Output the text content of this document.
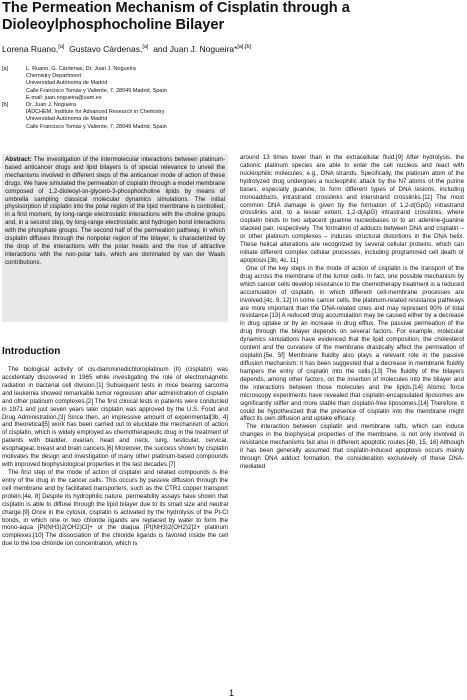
The Permeation Mechanism of Cisplatin through a Dioleoylphosphocholine Bilayer
Lorena Ruano,[a] Gustavo Cárdenas,[a] and Juan J. Nogueira*[a],[b]
[a]	L. Ruano, G. Cárdenas, Dr. Juan J. Nogueira
Chemistry Department
Universidad Autónoma de Madrid
Calle Francisco Tomás y Valiente, 7, 28049 Madrid, Spain
E-mail: juan.nogueira@uam.es
[b]	Dr. Juan J. Nogueira
IADCHEM, Institute for Advanced Research in Chemistry
Universidad Autónoma de Madrid
Calle Francisco Tomás y Valiente, 7, 28049 Madrid, Spain
Abstract: The investigation of the intermolecular interactions between platinum-based anticancer drugs and lipid bilayers is of special relevance to unveil the mechanisms involved in different steps of the anticancer mode of action of these drugs. We have simulated the permeation of cisplatin through a model membrane composed of 1,2-dioleoyl-sn-glycero-3-phosphocholine lipids by means of umbrella sampling classical molecular dynamics simulations. The initial physisorption of cisplatin into the polar region of the lipid membrane is controlled, in a first moment, by long-range electrostatic interactions with the choline groups and, in a second step, by long-range electrostatic and hydrogen bond interactions with the phosphate groups. The second half of the permeation pathway, in which cisplatin diffuses through the nonpolar region of the bilayer, is characterized by the drop of the interactions with the polar heads and the rise of attractive interactions with the non-polar tails, which are dominated by van der Waals contributions.
Introduction

The biological activity of cis-diamminedichloroplatinum (II) (cisplatin) was accidentally discovered in 1965 while investigating the role of electromagnetic radiation in bacterial cell division.[1] Subsequent tests in mice bearing sarcoma and leukemia showed remarkable tumor regression after administration of cisplatin and other platinum complexes.[2] The first clinical tests in patients were conducted in 1971 and just seven years later cisplatin was approved by the U.S. Food and Drug Administration.[3] Since then, an impressive amount of experimental[3b, 4] and theoretical[5] work has been carried out to elucidate the mechanism of action of cisplatin, which is widely employed as chemotherapeutic drug in the treatment of patients with bladder, ovarian, head and neck, lung, testicular, cervical, esophageal, breast and brain cancers.[6] Moreover, the success shown by cisplatin motivates the design and investigation of many other platinum-based compounds with improved biophysiological properties in the last decades.[7]

The first step of the mode of action of cisplatin and related compounds is the entry of the drug in the cancer cells. This occurs by passive diffusion through the cell membrane and by facilitated transporters, such as the CTR1 copper transport protein.[4e, 8] Despite its hydrophilic nature, permeability assays have shown that cisplatin is able to diffuse through the lipid bilayer due to its small size and neutral charge.[9] Once in the cytosol, cisplatin is activated by the hydrolysis of the Pt-Cl bonds, in which one or two chloride ligands are replaced by water to form the mono-aqua [Pt(NH3)2(OH2)Cl]+ or the diaqua [Pt(NH3)2(OH2)2]2+ platinum complexes.[10] The dissociation of the chloride ligands is favored inside the cell due to the low chloride ion concentration, which is

around 13 times lower than in the extracellular fluid.[9] After hydrolysis, the cationic platinum species are able to enter the cell nucleus and react with nucleophilic molecules, e.g., DNA strands. Specifically, the platinum atom of the hydrolyzed drug undergoes a nucleophilic attack by the N7 atoms of the purine bases, especially guanine, to form different types of DNA lesions, including monoadducts, intrastrand crosslinks and interstrand crosslinks.[11] The most common DNA damage is given by the formation of 1,2-d(GpG) intrastrand crosslinks and, to a lesser extent, 1,2-d(ApG) intrastrand crosslinks, where cisplatin binds to two adjacent guanine nucleobases or to an adenine-guanine stacked pair, respectively. The formation of adducts between DNA and cisplatin – or other platinum complexes – induces structural distortions in the DNA helix. These helical alterations are recognized by several cellular proteins, which can initiate different complex cellular processes, including programmed cell death or apoptosis.[3b, 4c, 11]

One of the key steps in the mode of action of cisplatin is the transport of the drug across the membrane of the tumor cells. In fact, one possible mechanism by which cancer cells develop resistance to the chemotherapy treatment is a reduced accumulation of cisplatin, in which different cell-membrane processes are involved.[4c, 9, 12] In some cancer cells, the platinum-related resistance pathways are more important than the DNA-related ones and may represent 90% of total resistance.[13] A reduced drug accumulation may be caused either by a decrease in drug uptake or by an increase in drug efflux. The passive permeation of the drug through the bilayer depends on several factors. For example, molecular dynamics simulations have evidenced that the lipid composition, the cholesterol content and the curvature of the membrane drastically affect the permeation of cisplatin.[5e, 5f] Membrane fluidity also plays a relevant role in the passive diffusion mechanism; it has been suggested that a decrease in membrane fluidity hampers the entry of cisplatin into the cells.[13] The fluidity of the bilayers depends, among other factors, on the insertion of molecules into the bilayer and the interactions between those molecules and the lipids.[14] Atomic force microscopy experiments have revealed that cisplatin-encapsulated liposomes are significantly stiffer and more stable than cisplatin-free liposomes.[14] Therefore, it could be hypothesized that the presence of cisplatin into the membrane might affect its own diffusion and uptake efficacy.

The interaction between cisplatin and membrane rafts, which can induce changes in the biophysical properties of the membrane, is not only involved in resistance mechanisms but also in different apoptotic routes.[4b, 15, 16] Although it has been generally assumed that cisplatin-induced apoptosis occurs mainly through DNA adduct formation, the consideration exclusively of these DNA-mediated

1
